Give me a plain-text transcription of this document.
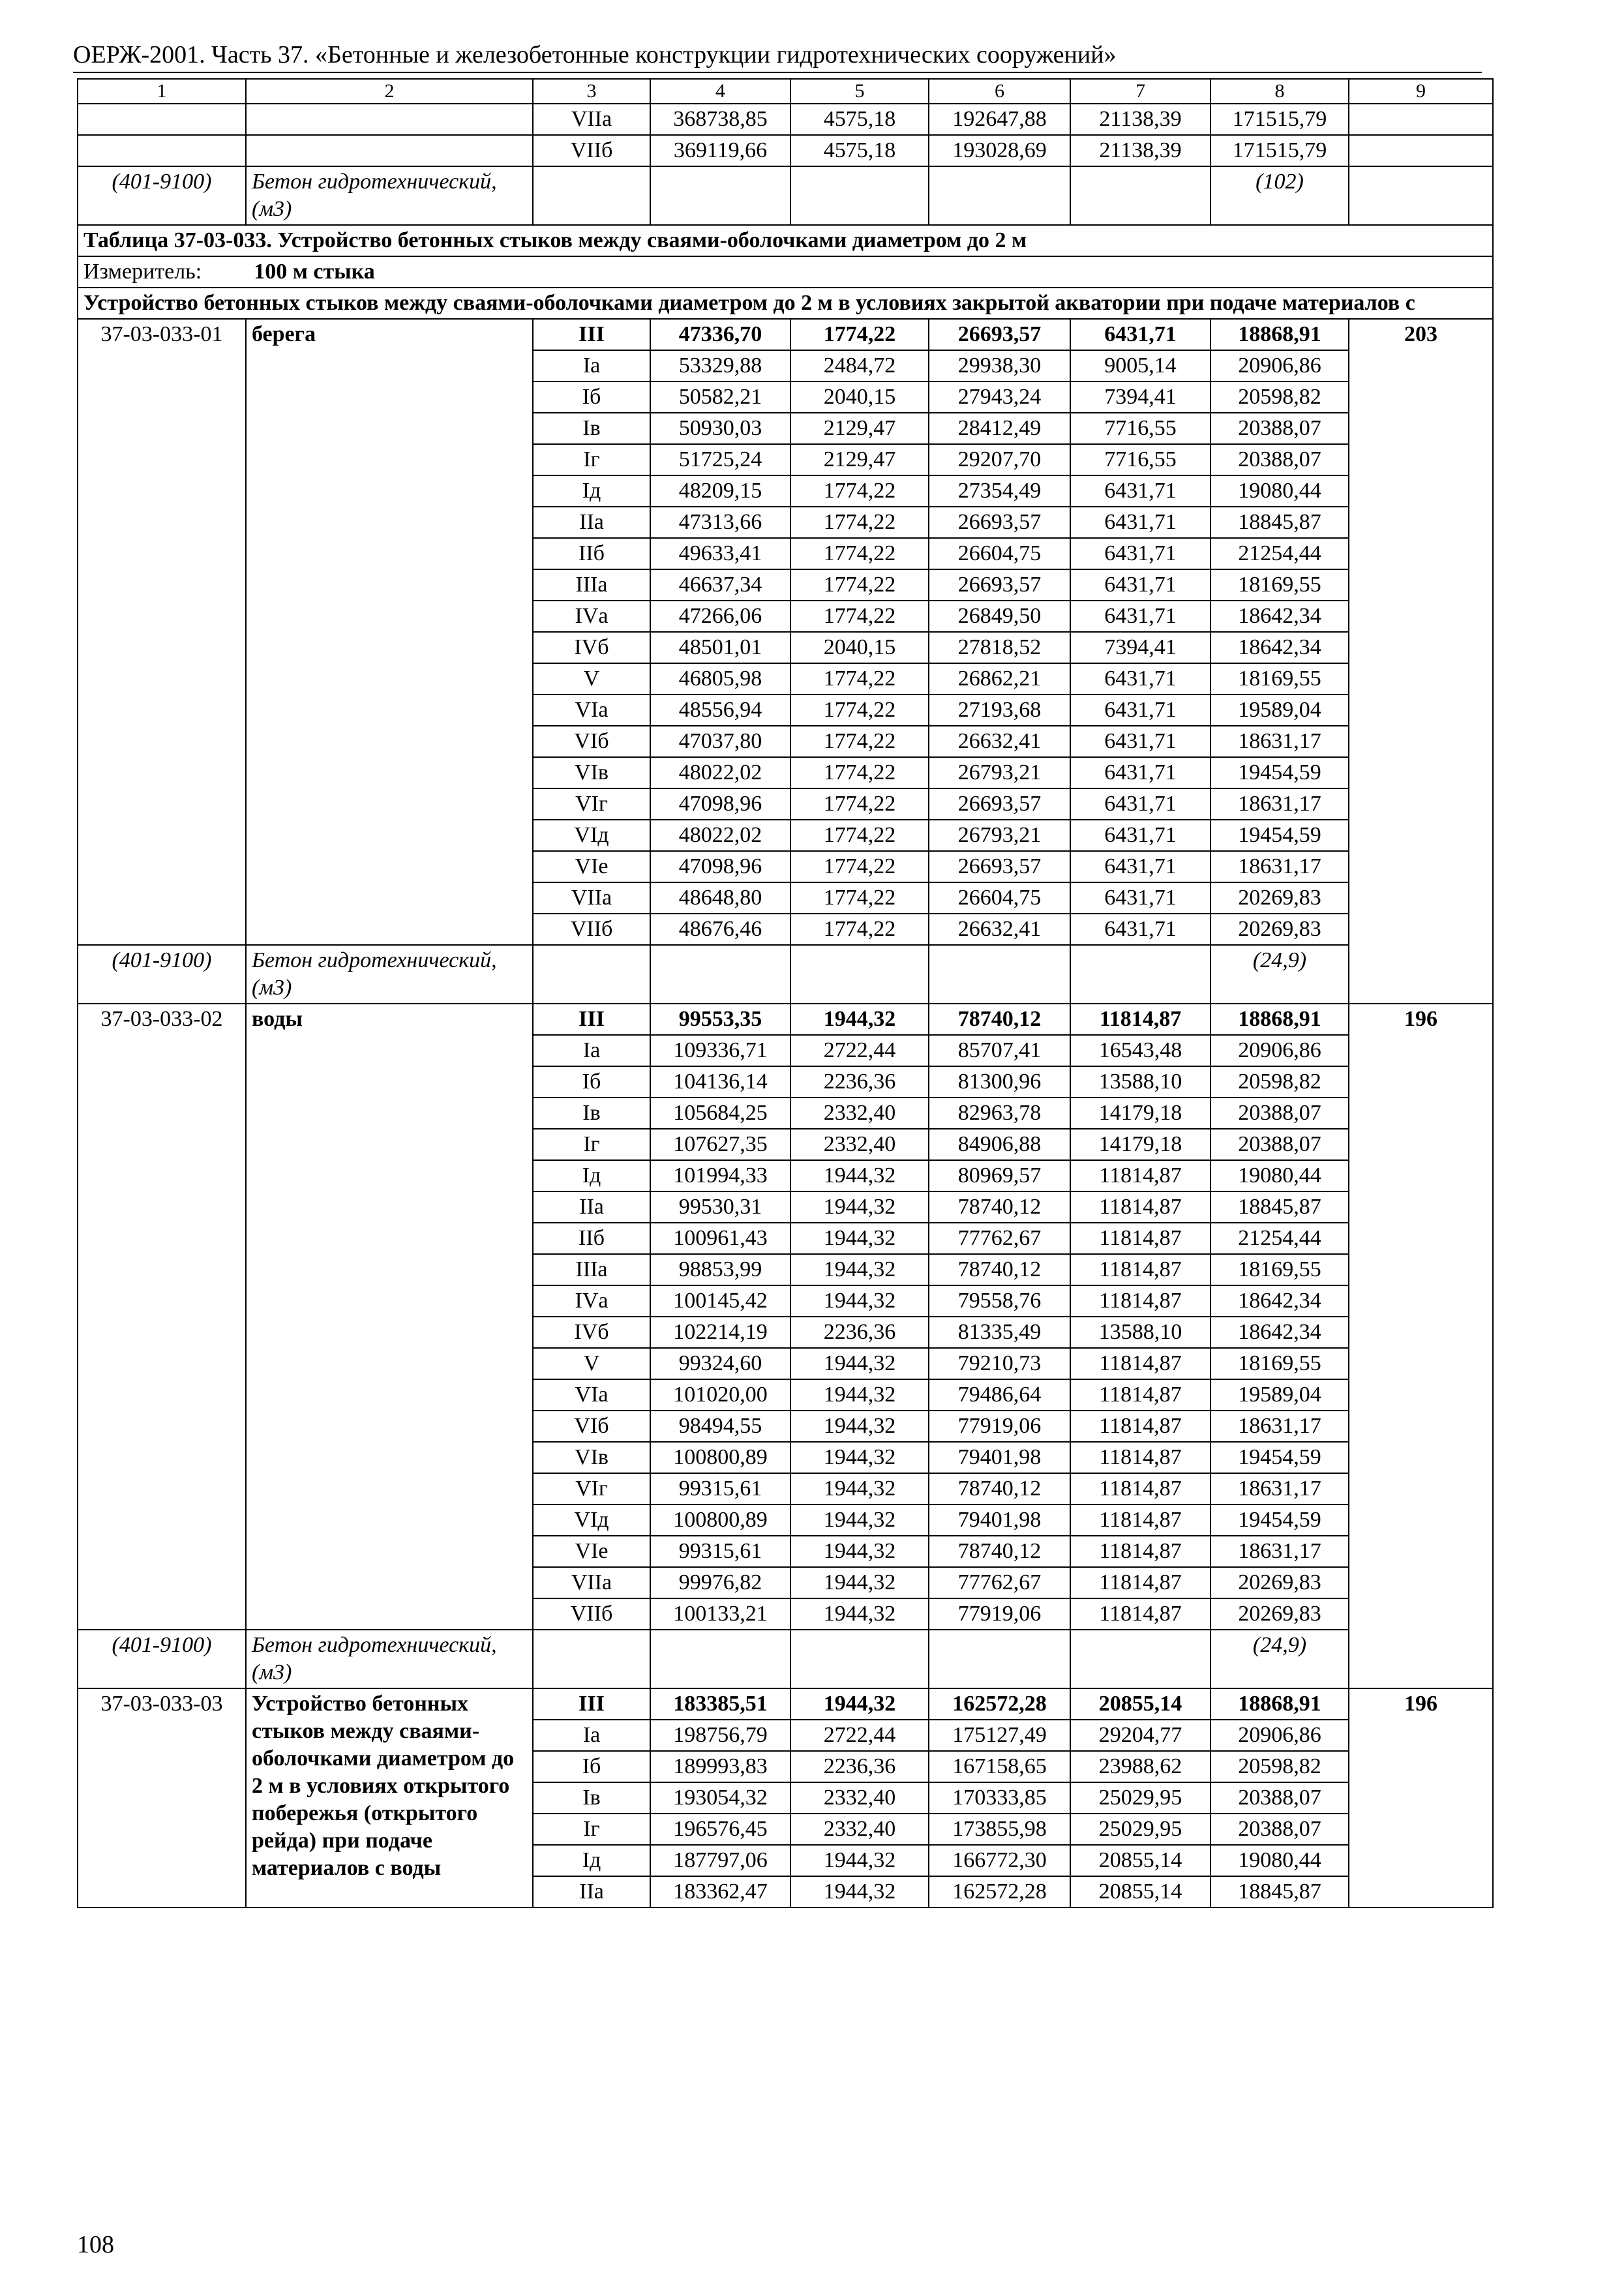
ОЕРЖ-2001. Часть 37. «Бетонные и железобетонные конструкции гидротехнических сооружений»
1	2	3	4	5	6	7	8	9
		VIIа	368738,85	4575,18	192647,88	21138,39	171515,79	
		VIIб	369119,66	4575,18	193028,69	21138,39	171515,79	
(401-9100)	Бетон гидротехнический, (м3)						(102)	
Таблица 37-03-033. Устройство бетонных стыков между сваями-оболочками диаметром до 2 м								
Измеритель: 100 м стыка								
Устройство бетонных стыков между сваями-оболочками диаметром до 2 м в условиях закрытой акватории при подаче материалов с								
37-03-033-01	берега	III	47336,70	1774,22	26693,57	6431,71	18868,91	203
		Iа	53329,88	2484,72	29938,30	9005,14	20906,86	
		Iб	50582,21	2040,15	27943,24	7394,41	20598,82	
		Iв	50930,03	2129,47	28412,49	7716,55	20388,07	
		Iг	51725,24	2129,47	29207,70	7716,55	20388,07	
		Iд	48209,15	1774,22	27354,49	6431,71	19080,44	
		IIа	47313,66	1774,22	26693,57	6431,71	18845,87	
		IIб	49633,41	1774,22	26604,75	6431,71	21254,44	
		IIIа	46637,34	1774,22	26693,57	6431,71	18169,55	
		IVа	47266,06	1774,22	26849,50	6431,71	18642,34	
		IVб	48501,01	2040,15	27818,52	7394,41	18642,34	
		V	46805,98	1774,22	26862,21	6431,71	18169,55	
		VIа	48556,94	1774,22	27193,68	6431,71	19589,04	
		VIб	47037,80	1774,22	26632,41	6431,71	18631,17	
		VIв	48022,02	1774,22	26793,21	6431,71	19454,59	
		VIг	47098,96	1774,22	26693,57	6431,71	18631,17	
		VIд	48022,02	1774,22	26793,21	6431,71	19454,59	
		VIе	47098,96	1774,22	26693,57	6431,71	18631,17	
		VIIа	48648,80	1774,22	26604,75	6431,71	20269,83	
		VIIб	48676,46	1774,22	26632,41	6431,71	20269,83	
(401-9100)	Бетон гидротехнический, (м3)						(24,9)	
37-03-033-02	воды	III	99553,35	1944,32	78740,12	11814,87	18868,91	196
		Iа	109336,71	2722,44	85707,41	16543,48	20906,86	
		Iб	104136,14	2236,36	81300,96	13588,10	20598,82	
		Iв	105684,25	2332,40	82963,78	14179,18	20388,07	
		Iг	107627,35	2332,40	84906,88	14179,18	20388,07	
		Iд	101994,33	1944,32	80969,57	11814,87	19080,44	
		IIа	99530,31	1944,32	78740,12	11814,87	18845,87	
		IIб	100961,43	1944,32	77762,67	11814,87	21254,44	
		IIIа	98853,99	1944,32	78740,12	11814,87	18169,55	
		IVа	100145,42	1944,32	79558,76	11814,87	18642,34	
		IVб	102214,19	2236,36	81335,49	13588,10	18642,34	
		V	99324,60	1944,32	79210,73	11814,87	18169,55	
		VIа	101020,00	1944,32	79486,64	11814,87	19589,04	
		VIб	98494,55	1944,32	77919,06	11814,87	18631,17	
		VIв	100800,89	1944,32	79401,98	11814,87	19454,59	
		VIг	99315,61	1944,32	78740,12	11814,87	18631,17	
		VIд	100800,89	1944,32	79401,98	11814,87	19454,59	
		VIе	99315,61	1944,32	78740,12	11814,87	18631,17	
		VIIа	99976,82	1944,32	77762,67	11814,87	20269,83	
		VIIб	100133,21	1944,32	77919,06	11814,87	20269,83	
(401-9100)	Бетон гидротехнический, (м3)						(24,9)	
37-03-033-03	Устройство бетонных стыков между сваями-оболочками диаметром до 2 м в условиях открытого побережья (открытого рейда) при подаче материалов с воды	III	183385,51	1944,32	162572,28	20855,14	18868,91	196
		Iа	198756,79	2722,44	175127,49	29204,77	20906,86	
		Iб	189993,83	2236,36	167158,65	23988,62	20598,82	
		Iв	193054,32	2332,40	170333,85	25029,95	20388,07	
		Iг	196576,45	2332,40	173855,98	25029,95	20388,07	
		Iд	187797,06	1944,32	166772,30	20855,14	19080,44	
		IIа	183362,47	1944,32	162572,28	20855,14	18845,87	
108
